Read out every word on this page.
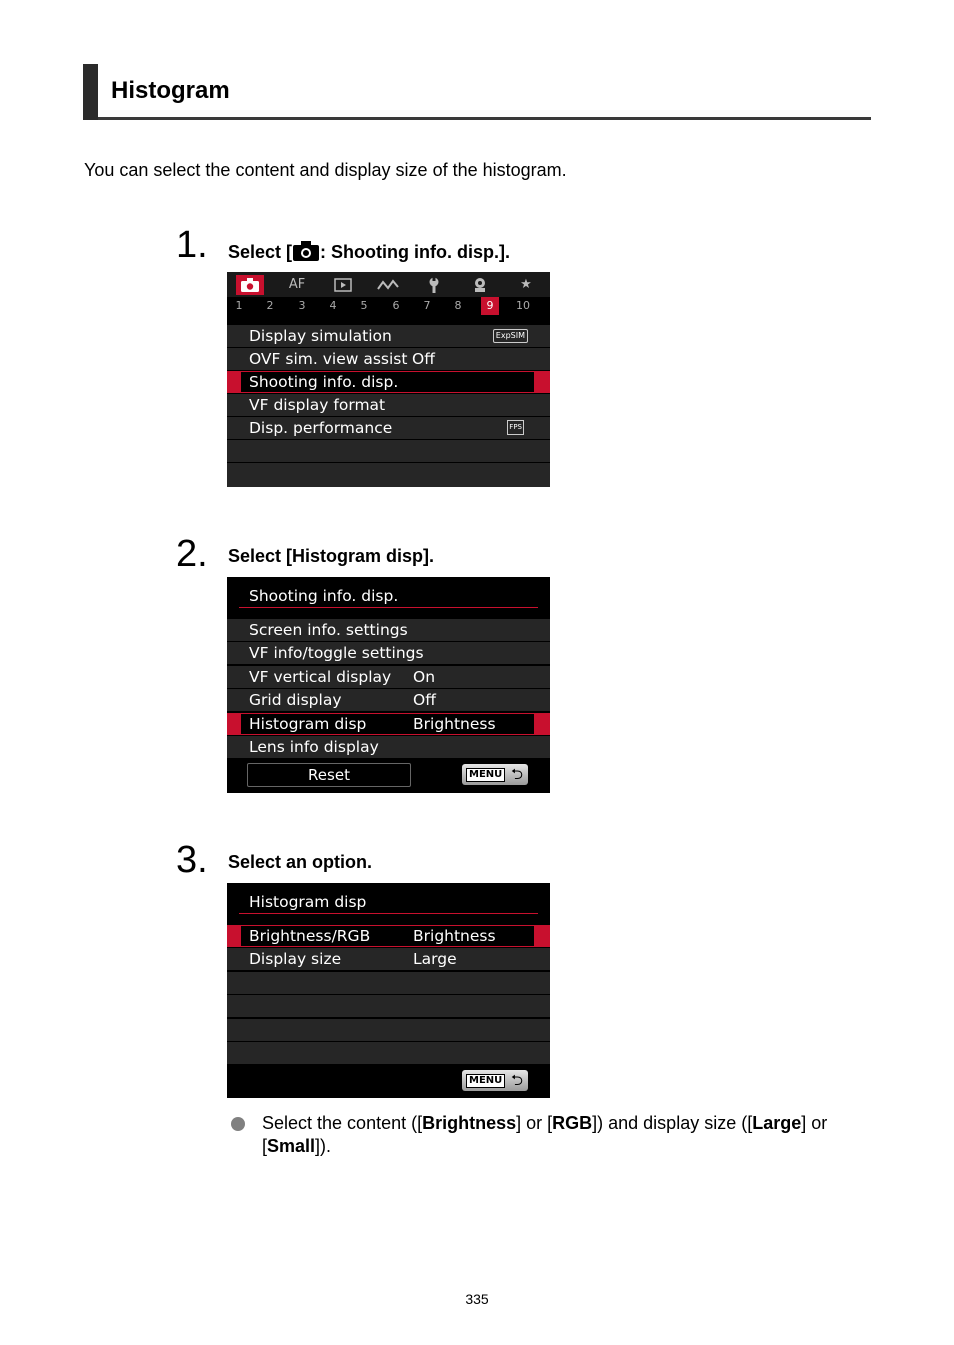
Histogram
You can select the content and display size of the histogram.
1. Select [ : Shooting info. disp.].
AF	★
1	2	3	4	5	6	7	8	9	10
Display simulation	ExpSIM
OVF sim. view assist Off
Shooting info. disp.
VF display format
Disp. performance	FPS
2. Select [Histogram disp].
Shooting info. disp.
Screen info. settings
VF info/toggle settings
VF vertical display On
Grid display	Off
Histogram disp	Brightness
Lens info display
Reset	MENU ⮌
3. Select an option.
Histogram disp
Brightness/RGB	Brightness
Display size	Large
MENU ⮌
Select the content ([Brightness] or [RGB]) and display size ([Large] or [Small]).
335
